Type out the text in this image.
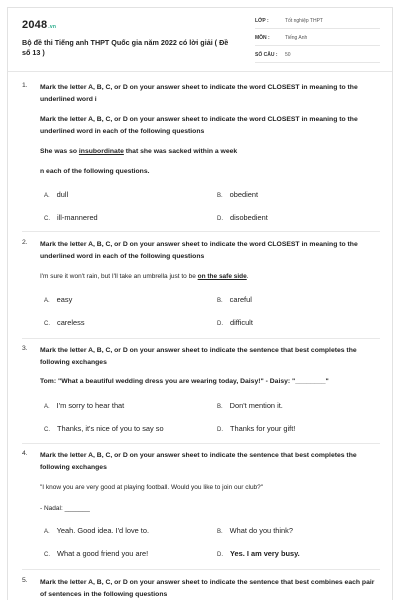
2048.vn
Bộ đề thi Tiếng anh THPT Quốc gia năm 2022 có lời giải ( Đề số 13 )
LỚP :	Tốt nghiệp THPT
MÔN :	Tiếng Anh
SỐ CÂU : 50
1. Mark the letter A, B, C, or D on your answer sheet to indicate the word CLOSEST in meaning to the underlined word i
Mark the letter A, B, C, or D on your answer sheet to indicate the word CLOSEST in meaning to the underlined word in each of the following questions
She was so insubordinate that she was sacked within a week
n each of the following questions.
A. dull	B. obedient
C. ill-mannered	D. disobedient
2. Mark the letter A, B, C, or D on your answer sheet to indicate the word CLOSEST in meaning to the underlined word in each of the following questions
I'm sure it won't rain, but I'll take an umbrella just to be on the safe side.
A. easy	B. careful
C. careless	D. difficult
3. Mark the letter A, B, C, or D on your answer sheet to indicate the sentence that best completes the following exchanges
Tom: "What a beautiful wedding dress you are wearing today, Daisy!" - Daisy: "________"
A. I'm sorry to hear that	B. Don't mention it.
C. Thanks, it's nice of you to say so	D. Thanks for your gift!
4. Mark the letter A, B, C, or D on your answer sheet to indicate the sentence that best completes the following exchanges
"I know you are very good at playing football. Would you like to join our club?"
- Nadal: _______
A. Yeah. Good idea. I'd love to.	B. What do you think?
C. What a good friend you are!	D. Yes. I am very busy.
5. Mark the letter A, B, C, or D on your answer sheet to indicate the sentence that best combines each pair of sentences in the following questions
